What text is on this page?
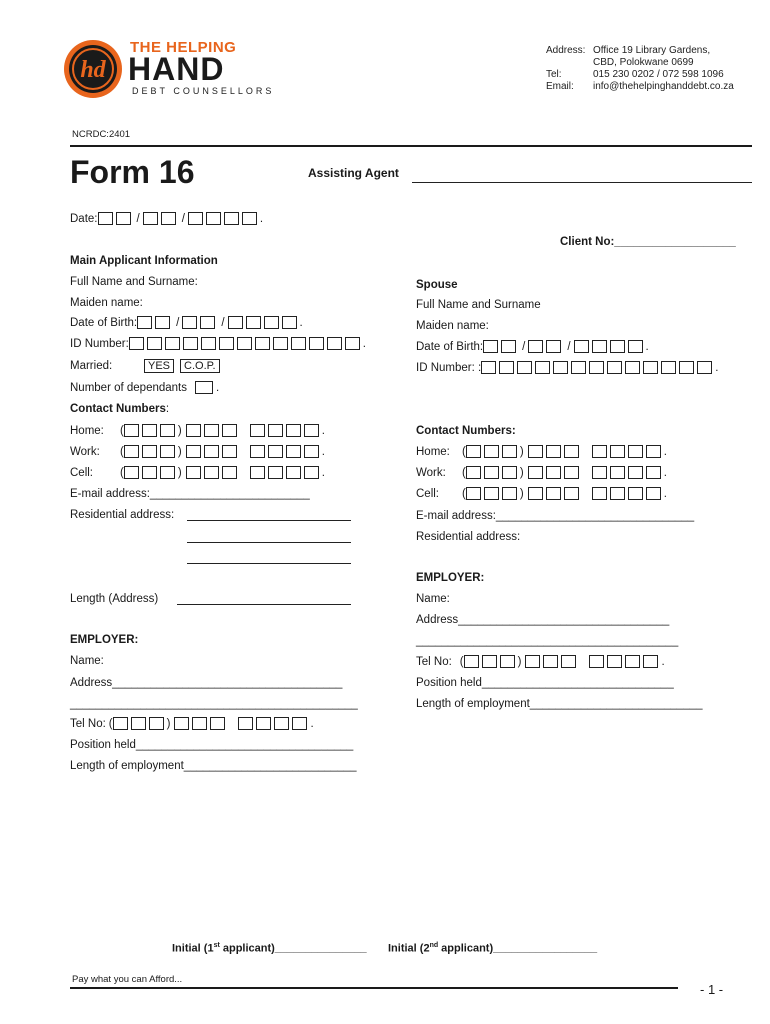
hd
THE HELPING
HAND
DEBT COUNSELLORS
Address: Office 19 Library Gardens,
CBD, Polokwane 0699
Tel:	015 230 0202 / 072 598 1096
Email: info@thehelpinghanddebt.co.za
NCRDC:2401
Form 16	Assisting Agent
Date:	/	/	.
Client No:___________________
Main Applicant Information
Full Name and Surname:
Maiden name:
Date of Birth:	/	/	.
ID Number:	.
Married:	YES	C.O.P.
Number of dependants	.
Contact Numbers:
Home:	(	)	.
Work:	(	)	.
Cell:	(	)	.
E-mail address:_________________________
Residential address:
Length (Address)
EMPLOYER:
Name:
Address____________________________________
_____________________________________________
Tel No: (	)	.
Position held__________________________________
Length of employment___________________________
Spouse
Full Name and Surname
Maiden name:
Date of Birth:	/	/	.
ID Number: :	.
Contact Numbers:
Home:	(	)	.
Work:	(	)	.
Cell:	(	)	.
E-mail address:_______________________________
Residential address:
EMPLOYER:
Name:
Address_________________________________
_________________________________________
Tel No: (	)	.
Position held______________________________
Length of employment___________________________
Initial (1st applicant)_______________ Initial (2nd applicant)_________________
Pay what you can Afford...
- 1 -
